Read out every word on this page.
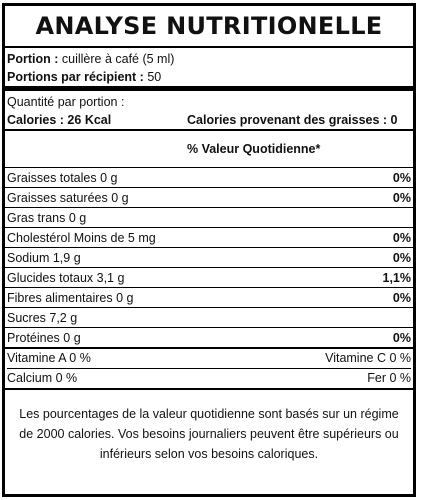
ANALYSE NUTRITIONELLE
Portion : cuillère à café (5 ml)
Portions par récipient : 50
Quantité par portion :
Calories : 26 Kcal	Calories provenant des graisses : 0
% Valeur Quotidienne*
Graisses totales 0 g	0%
Graisses saturées 0 g	0%
Gras trans 0 g
Cholestérol Moins de 5 mg	0%
Sodium 1,9 g	0%
Glucides totaux 3,1 g	1,1%
Fibres alimentaires 0 g	0%
Sucres 7,2 g
Protéines 0 g	0%
Vitamine A 0 %	Vitamine C 0 %
Calcium 0 %	Fer 0 %
Les pourcentages de la valeur quotidienne sont basés sur un régime de 2000 calories. Vos besoins journaliers peuvent être supérieurs ou inférieurs selon vos besoins caloriques.
